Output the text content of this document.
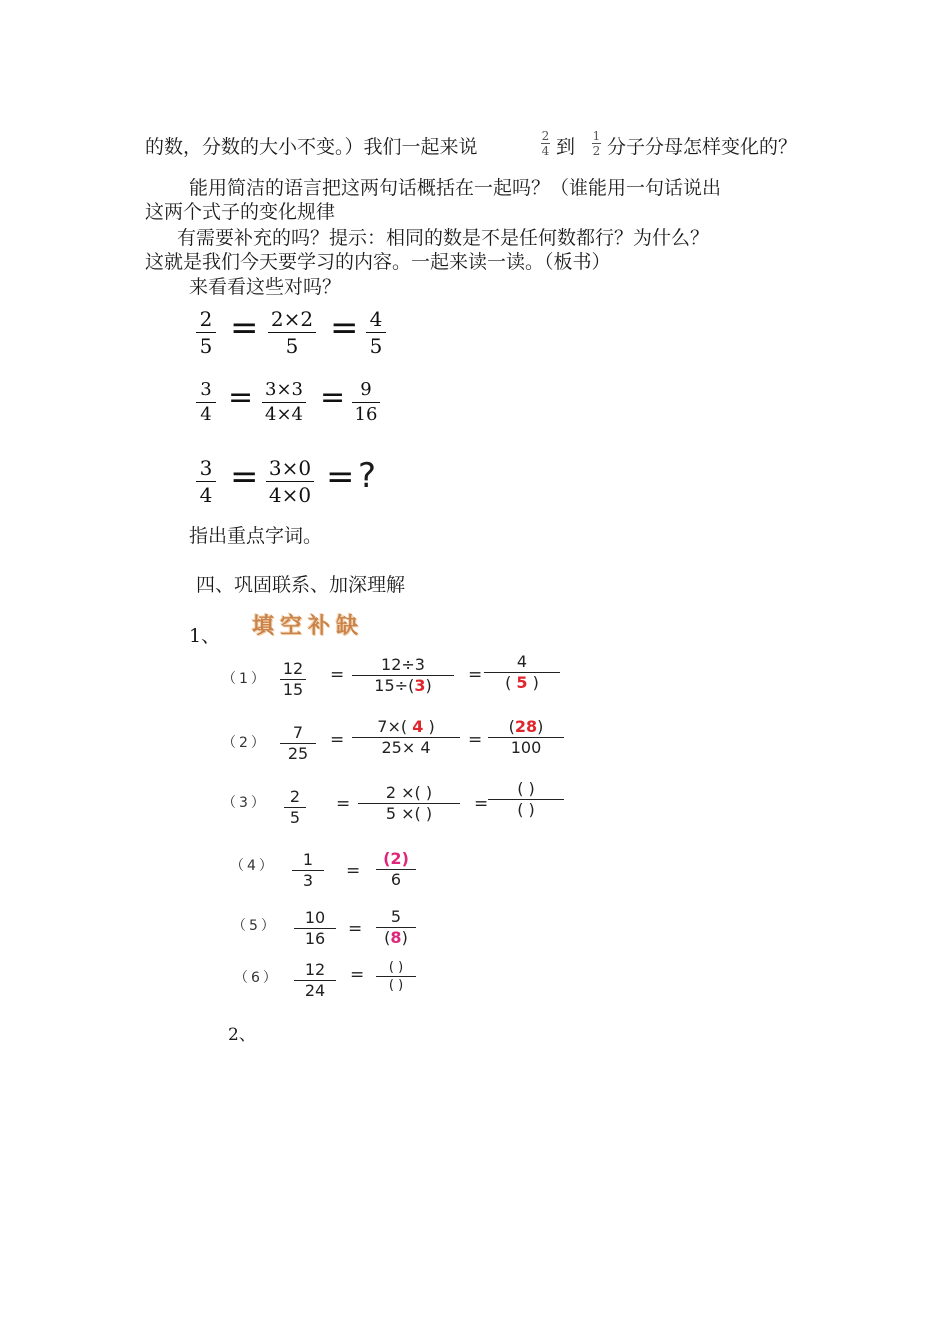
的数，分数的大小不变。）我们一起来说	2
4 到 1
2 分子分母怎样变化的？
能用简洁的语言把这两句话概括在一起吗？（谁能用一句话说出
这两个式子的变化规律
有需要补充的吗？提示：相同的数是不是任何数都行？为什么？
这就是我们今天要学习的内容。一起来读一读。（板书）
来看看这些对吗？
2
5 = 2×2
5 = 4
5
3
4 = 3×3
4×4 = 9
16
3
4 = 3×0
4×0 = ?
指出重点字词。
四、巩固联系、加深理解
1、 填空补缺
（1）
12
15
=
12÷3
15÷(3)
=
4
( 5 )
（2）
7
25
=
7×( 4 )
25× 4 =
(28)
100
（3） 2
5
=
2 ×( )
5 ×( ) =
( )
( )
（4） 1
3 =
(2)
6
（5） 10
16 =
5
(8)
（6） 12
24
= ( )
( )
2、
